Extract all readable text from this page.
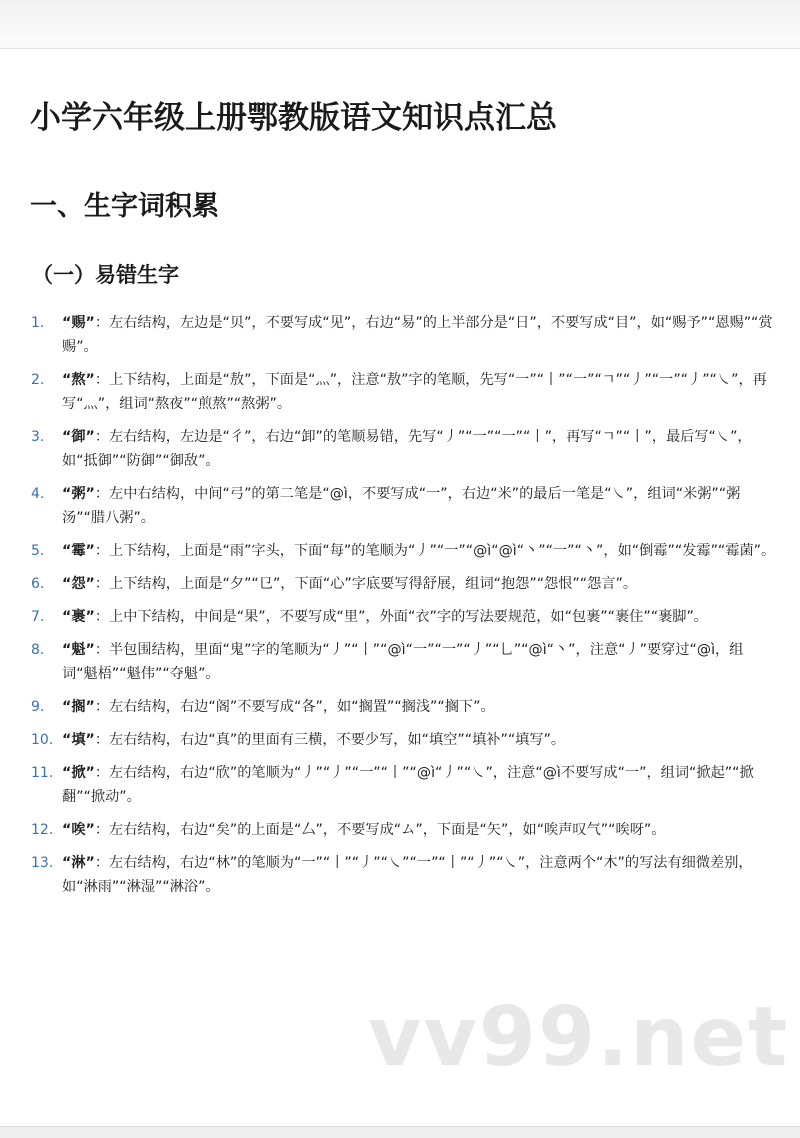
小学六年级上册鄂教版语文知识点汇总
一、生字词积累
（一）易错生字
1. “赐”：左右结构，左边是“贝”，不要写成“见”，右边“易”的上半部分是“日”，不要写成“目”，如“赐予”“恩赐”“赏赐”。
2. “熬”：上下结构，上面是“敖”，下面是“灬”，注意“敖”字的笔顺，先写“一”“丨”“一”“ㄱ”“丿”“一”“丿”“㇏”，再写“灬”，组词“熬夜”“煎熬”“熬粥”。
3. “御”：左右结构，左边是“彳”，右边“卸”的笔顺易错，先写“丿”“一”“一”“丨”，再写“ㄱ”“丨”，最后写“㇏”，如“抵御”“防御”“御敌”。
4. “粥”：左中右结构，中间“弓”的第二笔是“@ì，不要写成“一”，右边“米”的最后一笔是“㇏”，组词“米粥”“粥汤”“腊八粥”。
5. “霉”：上下结构，上面是“雨”字头，下面“每”的笔顺为“丿”“一”“@ì“@ì“丶”“一”“丶”，如“倒霉”“发霉”“霉菌”。
6. “怨”：上下结构，上面是“夕”“㔾”，下面“心”字底要写得舒展，组词“抱怨”“怨恨”“怨言”。
7. “裹”：上中下结构，中间是“果”，不要写成“里”，外面“衣”字的写法要规范，如“包裹”“裹住”“裹脚”。
8. “魁”：半包围结构，里面“鬼”字的笔顺为“丿”“丨”“@ì“一”“一”“丿”“乚”“@ì“丶”，注意“丿”要穿过“@ì，组词“魁梧”“魁伟”“夺魁”。
9. “搁”：左右结构，右边“阁”不要写成“各”，如“搁置”“搁浅”“搁下”。
10. “填”：左右结构，右边“真”的里面有三横，不要少写，如“填空”“填补”“填写”。
11. “掀”：左右结构，右边“欣”的笔顺为“丿”“丿”“一”“丨”“@ì“丿”“㇏”，注意“@ì不要写成“一”，组词“掀起”“掀翻”“掀动”。
12. “唉”：左右结构，右边“矣”的上面是“厶”，不要写成“ム”，下面是“矢”，如“唉声叹气”“唉呀”。
13. “淋”：左右结构，右边“林”的笔顺为“一”“丨”“丿”“㇏”“一”“丨”“丿”“㇏”，注意两个“木”的写法有细微差别，如“淋雨”“淋湿”“淋浴”。
vv99.net
